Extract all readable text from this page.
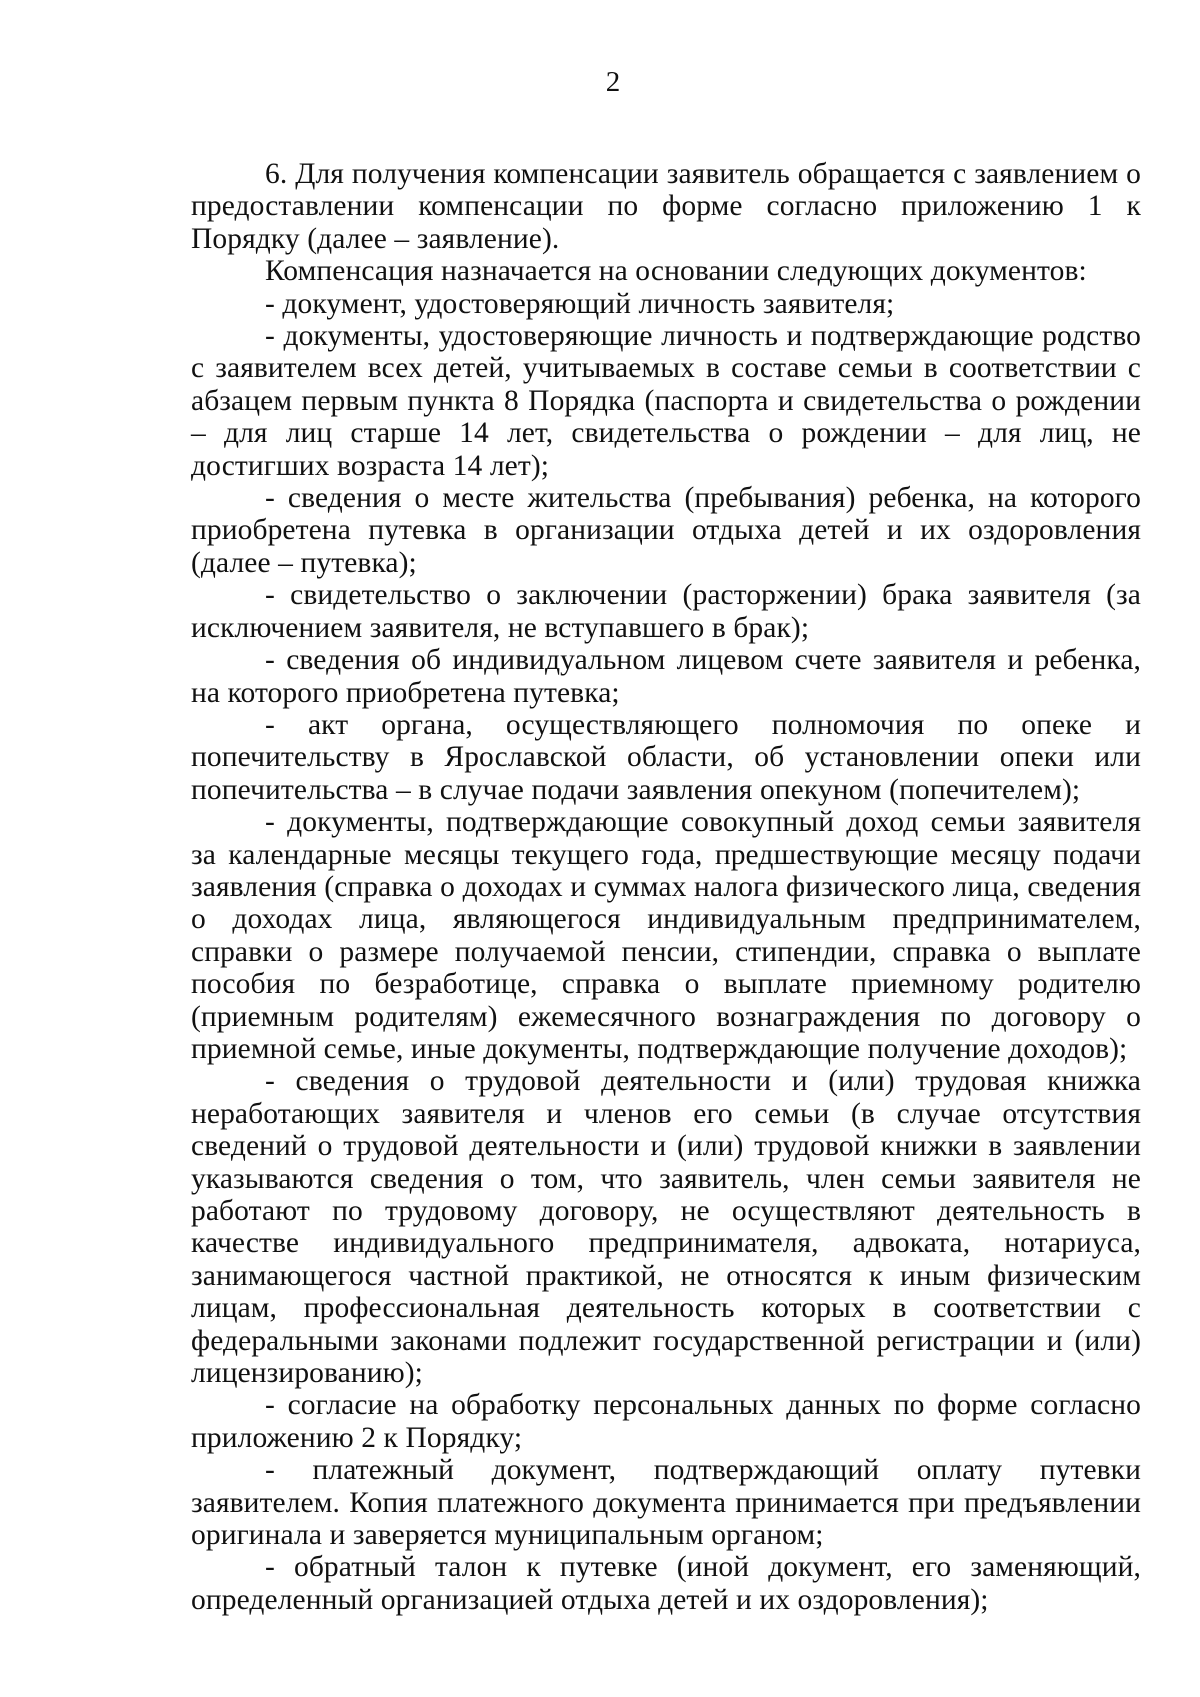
2

6. Для получения компенсации заявитель обращается с заявлением о предоставлении компенсации по форме согласно приложению 1 к Порядку (далее – заявление).

Компенсация назначается на основании следующих документов:

- документ, удостоверяющий личность заявителя;

- документы, удостоверяющие личность и подтверждающие родство с заявителем всех детей, учитываемых в составе семьи в соответствии с абзацем первым пункта 8 Порядка (паспорта и свидетельства о рождении – для лиц старше 14 лет, свидетельства о рождении – для лиц, не достигших возраста 14 лет);

- сведения о месте жительства (пребывания) ребенка, на которого приобретена путевка в организации отдыха детей и их оздоровления (далее – путевка);

- свидетельство о заключении (расторжении) брака заявителя (за исключением заявителя, не вступавшего в брак);

- сведения об индивидуальном лицевом счете заявителя и ребенка, на которого приобретена путевка;

- акт органа, осуществляющего полномочия по опеке и попечительству в Ярославской области, об установлении опеки или попечительства – в случае подачи заявления опекуном (попечителем);

- документы, подтверждающие совокупный доход семьи заявителя за календарные месяцы текущего года, предшествующие месяцу подачи заявления (справка о доходах и суммах налога физического лица, сведения о доходах лица, являющегося индивидуальным предпринимателем, справки о размере получаемой пенсии, стипендии, справка о выплате пособия по безработице, справка о выплате приемному родителю (приемным родителям) ежемесячного вознаграждения по договору о приемной семье, иные документы, подтверждающие получение доходов);

- сведения о трудовой деятельности и (или) трудовая книжка неработающих заявителя и членов его семьи (в случае отсутствия сведений о трудовой деятельности и (или) трудовой книжки в заявлении указываются сведения о том, что заявитель, член семьи заявителя не работают по трудовому договору, не осуществляют деятельность в качестве индивидуального предпринимателя, адвоката, нотариуса, занимающегося частной практикой, не относятся к иным физическим лицам, профессиональная деятельность которых в соответствии с федеральными законами подлежит государственной регистрации и (или) лицензированию);

- согласие на обработку персональных данных по форме согласно приложению 2 к Порядку;

- платежный документ, подтверждающий оплату путевки заявителем. Копия платежного документа принимается при предъявлении оригинала и заверяется муниципальным органом;

- обратный талон к путевке (иной документ, его заменяющий, определенный организацией отдыха детей и их оздоровления);
